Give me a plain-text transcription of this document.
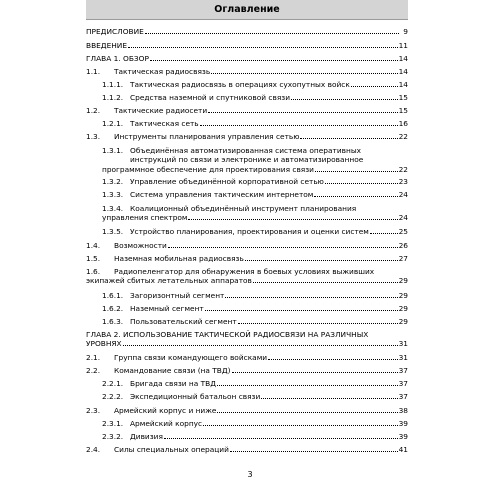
Оглавление
ПРЕДИСЛОВИЕ	9
ВВЕДЕНИЕ	11
ГЛАВА 1. ОБЗОР	14
1.1.	Тактическая радиосвязь	14
1.1.1. Тактическая радиосвязь в операциях сухопутных войск	14
1.1.2. Средства наземной и спутниковой связи	15
1.2.	Тактические радиосети	15
1.2.1. Тактическая сеть	16
1.3.	Инструменты планирования управления сетью	22
1.3.1. Объединённая автоматизированная система оперативных
инструкций по связи и электронике и автоматизированное
программное обеспечение для проектирования связи	22
1.3.2. Управление объединённой корпоративной сетью	23
1.3.3. Система управления тактическим интернетом	24
1.3.4. Коалиционный объединённый инструмент планирования
управления спектром	24
1.3.5. Устройство планирования, проектирования и оценки систем	25
1.4.	Возможности	26
1.5.	Наземная мобильная радиосвязь	27
1.6.	Радиопеленгатор для обнаружения в боевых условиях выживших
экипажей сбитых летательных аппаратов	29
1.6.1. Загоризонтный сегмент	29
1.6.2. Наземный сегмент	29
1.6.3. Пользовательский сегмент	29
ГЛАВА 2. ИСПОЛЬЗОВАНИЕ ТАКТИЧЕСКОЙ РАДИОСВЯЗИ НА РАЗЛИЧНЫХ
УРОВНЯХ	31
2.1.	Группа связи командующего войсками	31
2.2.	Командование связи (на ТВД)	37
2.2.1. Бригада связи на ТВД	37
2.2.2. Экспедиционный батальон связи	37
2.3.	Армейский корпус и ниже	38
2.3.1. Армейский корпус	39
2.3.2. Дивизия	39
2.4.	Силы специальных операций	41
3
